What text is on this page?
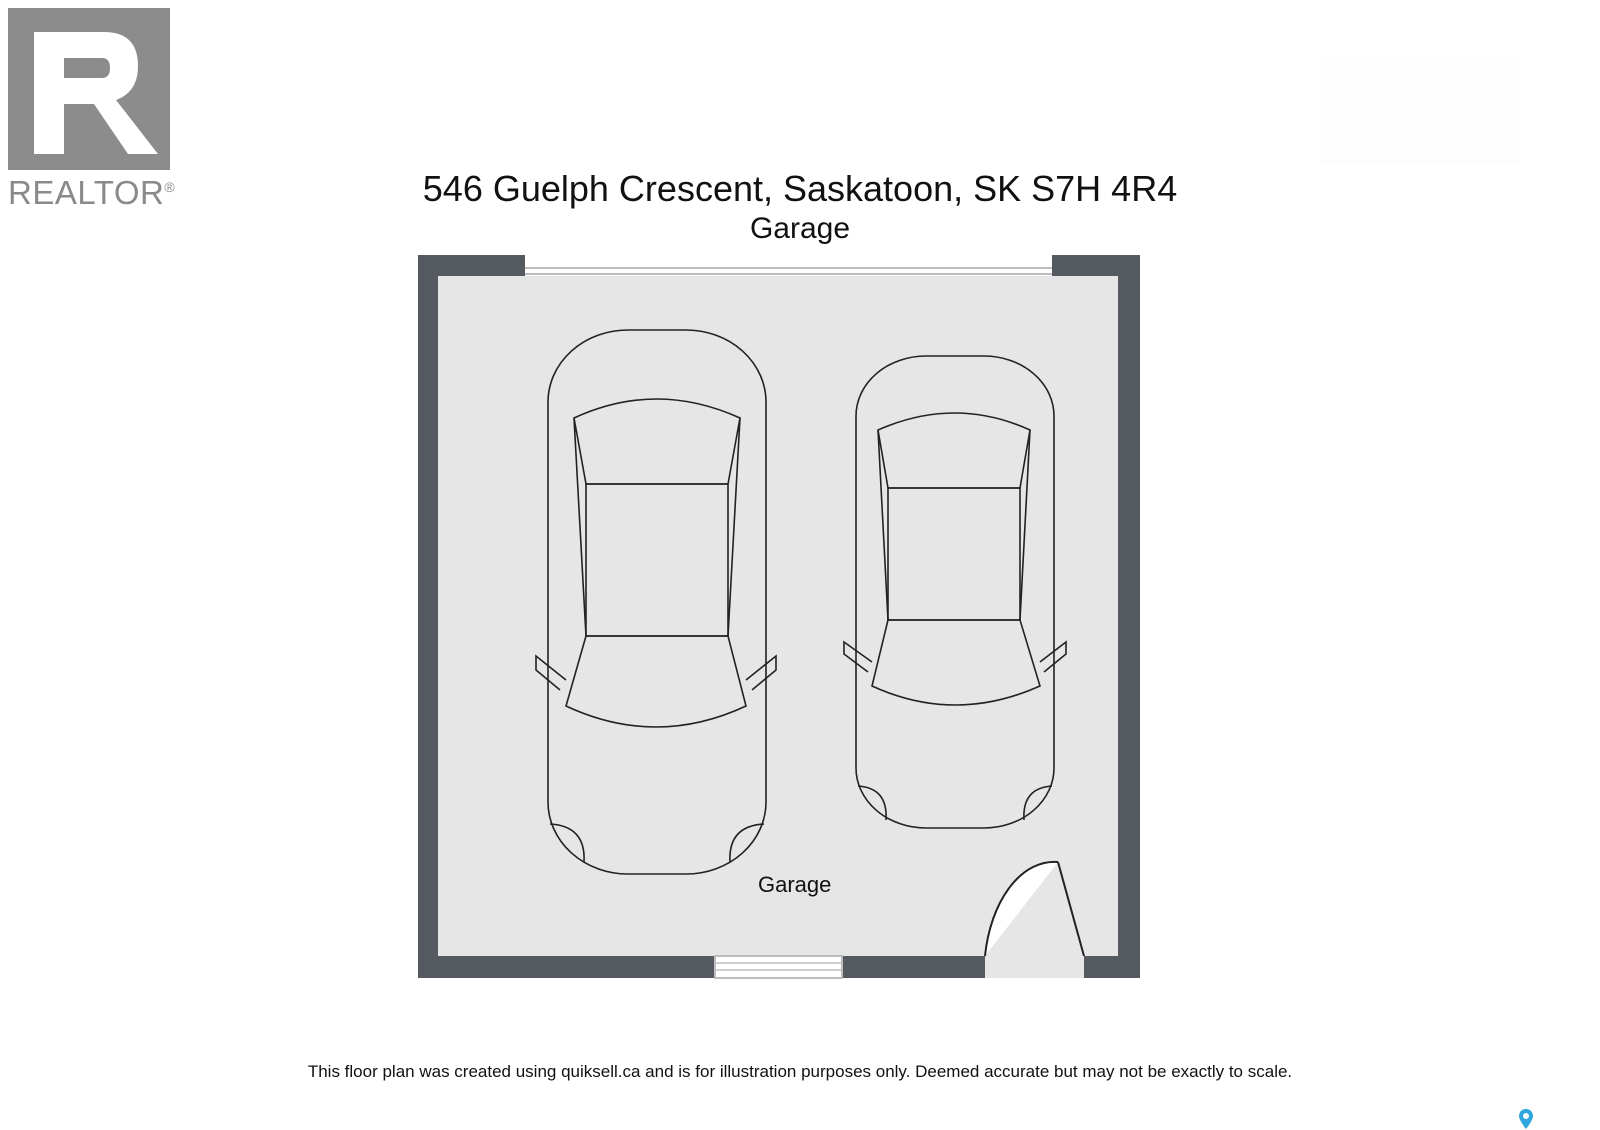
REALTOR®	546 Guelph Crescent, Saskatoon, SK S7H 4R4
Garage
Garage
This floor plan was created using quiksell.ca and is for illustration purposes only. Deemed accurate but may not be exactly to scale.
